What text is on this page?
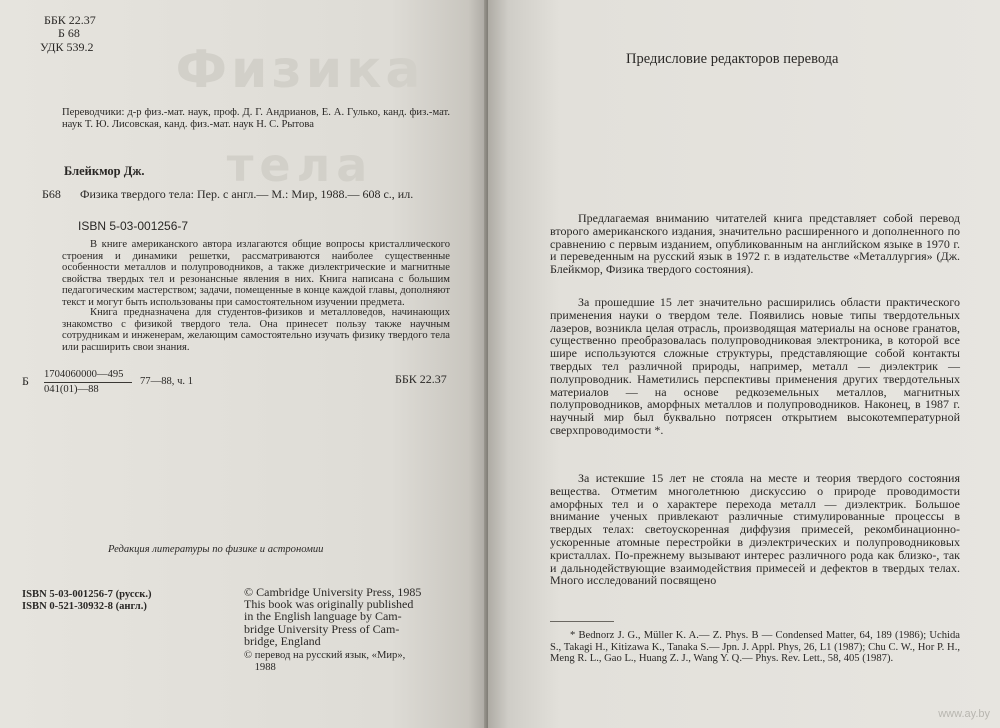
Физика
тела
ББК 22.37
Б 68
УДК 539.2
Переводчики: д-р физ.-мат. наук, проф. Д. Г. Андрианов, Е. А. Гулько, канд. физ.-мат. наук Т. Ю. Лисовская, канд. физ.-мат. наук Н. С. Рытова
Блейкмор Дж.
Б68	Физика твердого тела: Пер. с англ.— М.: Мир, 1988.— 608 с., ил.
ISBN 5-03-001256-7
В книге американского автора излагаются общие вопросы кристаллического строения и динамики решетки, рассматриваются наиболее существенные особенности металлов и полупроводников, а также диэлектрические и магнитные свойства твердых тел и резонансные явления в них. Книга написана с большим педагогическим мастерством; задачи, помещенные в конце каждой главы, дополняют текст и могут быть использованы при самостоятельном изучении предмета.
Книга предназначена для студентов-физиков и металловедов, начинающих знакомство с физикой твердого тела. Она принесет пользу также научным сотрудникам и инженерам, желающим самостоятельно изучать физику твердого тела или расширить свои знания.
Б 1704060000—495
041(01)—88
77—88, ч. 1	ББК 22.37
Редакция литературы по физике и астрономии
ISBN 5-03-001256-7 (русск.)
ISBN 0-521-30932-8 (англ.)
© Cambridge University Press, 1985
This book was originally published
in the English language by Cam-
bridge University Press of Cam-
bridge, England
© перевод на русский язык, «Мир»,
1988
Предисловие редакторов перевода
Предлагаемая вниманию читателей книга представляет собой перевод второго американского издания, значительно расширенного и дополненного по сравнению с первым изданием, опубликованным на английском языке в 1970 г. и переведенным на русский язык в 1972 г. в издательстве «Металлургия» (Дж. Блейкмор, Физика твердого состояния).
За прошедшие 15 лет значительно расширились области практического применения науки о твердом теле. Появились новые типы твердотельных лазеров, возникла целая отрасль, производящая материалы на основе гранатов, существенно преобразовалась полупроводниковая электроника, в которой все шире используются сложные структуры, представляющие собой контакты твердых тел различной природы, например, металл — диэлектрик — полупроводник. Наметились перспективы применения других твердотельных материалов — на основе редкоземельных металлов, магнитных полупроводников, аморфных металлов и полупроводников. Наконец, в 1987 г. научный мир был буквально потрясен открытием высокотемпературной сверхпроводимости *.
За истекшие 15 лет не стояла на месте и теория твердого состояния вещества. Отметим многолетнюю дискуссию о природе проводимости аморфных тел и о характере перехода металл — диэлектрик. Большое внимание ученых привлекают различные стимулированные процессы в твердых телах: светоускоренная диффузия примесей, рекомбинационно-ускоренные атомные перестройки в диэлектрических и полупроводниковых кристаллах. По-прежнему вызывают интерес различного рода как близко-, так и дальнодействующие взаимодействия примесей и дефектов в твердых телах. Много исследований посвящено
* Bednorz J. G., Müller K. A.— Z. Phys. B — Condensed Matter, 64, 189 (1986); Uchida S., Takagi H., Kitizawa K., Tanaka S.— Jpn. J. Appl. Phys, 26, L1 (1987); Chu C. W., Hor P. H., Meng R. L., Gao L., Huang Z. J., Wang Y. Q.— Phys. Rev. Lett., 58, 405 (1987).
www.ay.by
